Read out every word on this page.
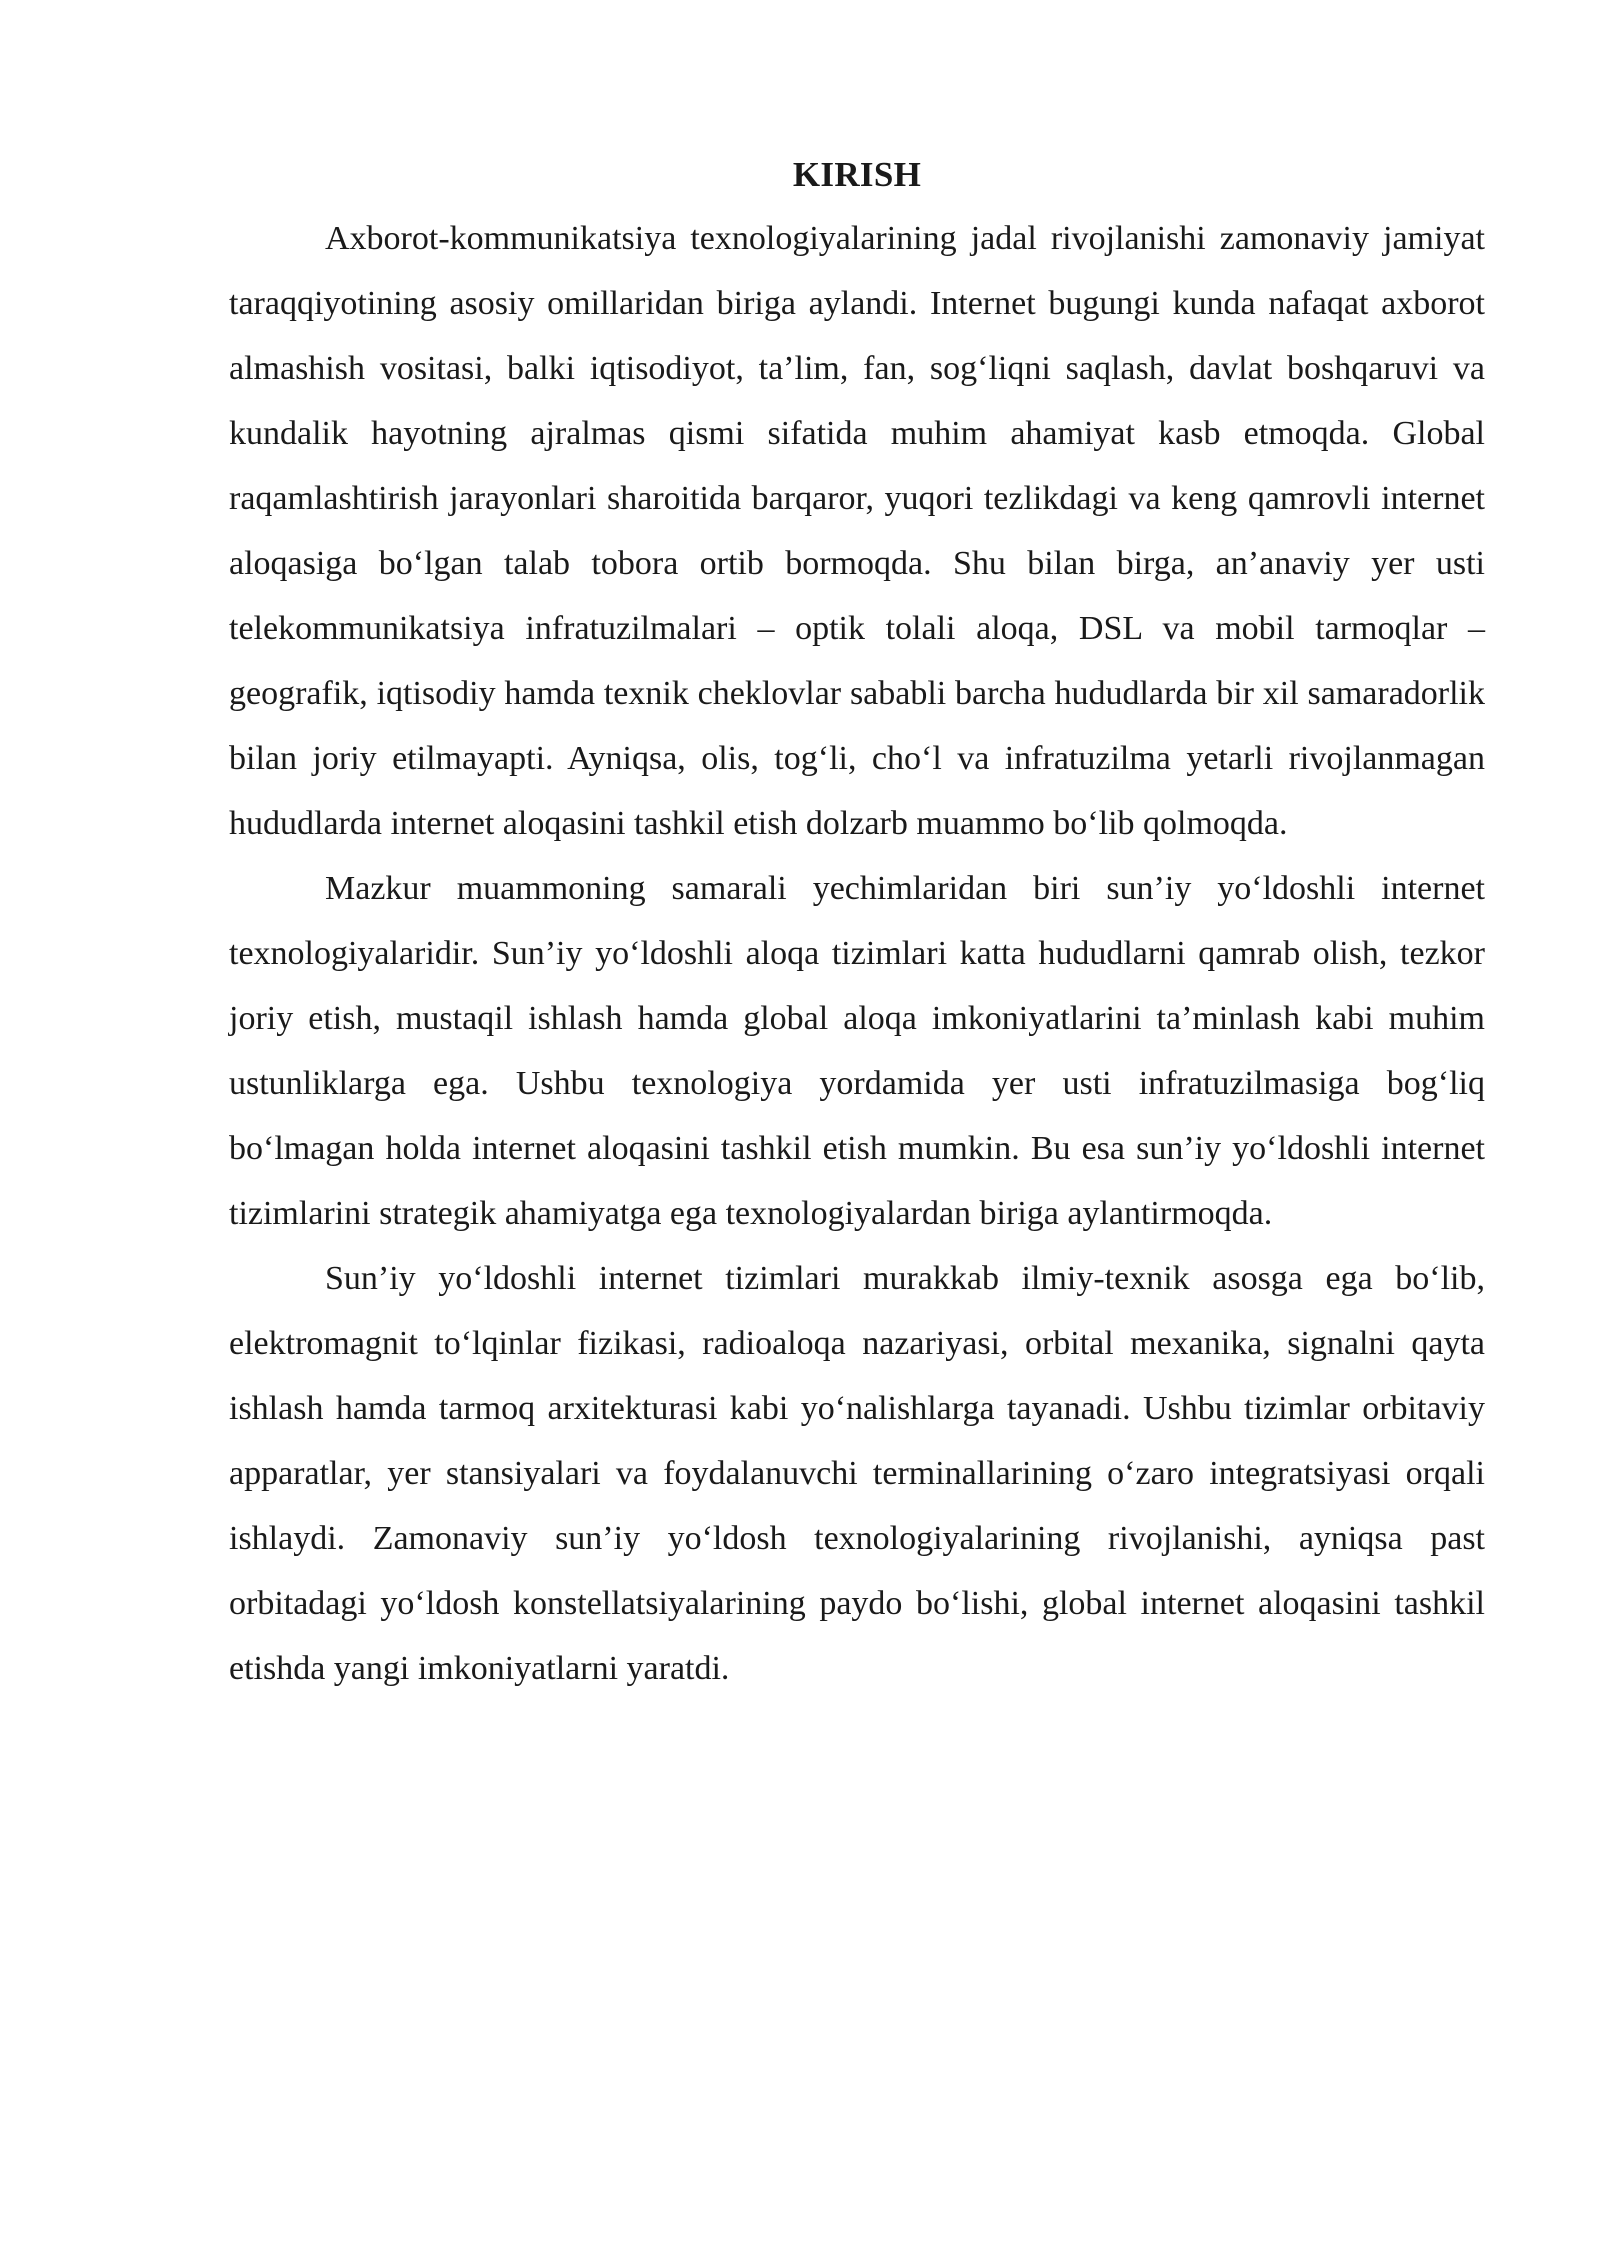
KIRISH

Axborot-kommunikatsiya texnologiyalarining jadal rivojlanishi zamonaviy jamiyat taraqqiyotining asosiy omillaridan biriga aylandi. Internet bugungi kunda nafaqat axborot almashish vositasi, balki iqtisodiyot, ta’lim, fan, sog‘liqni saqlash, davlat boshqaruvi va kundalik hayotning ajralmas qismi sifatida muhim ahamiyat kasb etmoqda. Global raqamlashtirish jarayonlari sharoitida barqaror, yuqori tezlikdagi va keng qamrovli internet aloqasiga bo‘lgan talab tobora ortib bormoqda. Shu bilan birga, an’anaviy yer usti telekommunikatsiya infratuzilmalari – optik tolali aloqa, DSL va mobil tarmoqlar – geografik, iqtisodiy hamda texnik cheklovlar sababli barcha hududlarda bir xil samaradorlik bilan joriy etilmayapti. Ayniqsa, olis, tog‘li, cho‘l va infratuzilma yetarli rivojlanmagan hududlarda internet aloqasini tashkil etish dolzarb muammo bo‘lib qolmoqda.

Mazkur muammoning samarali yechimlaridan biri sun’iy yo‘ldoshli internet texnologiyalaridir. Sun’iy yo‘ldoshli aloqa tizimlari katta hududlarni qamrab olish, tezkor joriy etish, mustaqil ishlash hamda global aloqa imkoniyatlarini ta’minlash kabi muhim ustunliklarga ega. Ushbu texnologiya yordamida yer usti infratuzilmasiga bog‘liq bo‘lmagan holda internet aloqasini tashkil etish mumkin. Bu esa sun’iy yo‘ldoshli internet tizimlarini strategik ahamiyatga ega texnologiyalardan biriga aylantirmoqda.

Sun’iy yo‘ldoshli internet tizimlari murakkab ilmiy-texnik asosga ega bo‘lib, elektromagnit to‘lqinlar fizikasi, radioaloqa nazariyasi, orbital mexanika, signalni qayta ishlash hamda tarmoq arxitekturasi kabi yo‘nalishlarga tayanadi. Ushbu tizimlar orbitaviy apparatlar, yer stansiyalari va foydalanuvchi terminallarining o‘zaro integratsiyasi orqali ishlaydi. Zamonaviy sun’iy yo‘ldosh texnologiyalarining rivojlanishi, ayniqsa past orbitadagi yo‘ldosh konstellatsiyalarining paydo bo‘lishi, global internet aloqasini tashkil etishda yangi imkoniyatlarni yaratdi.
